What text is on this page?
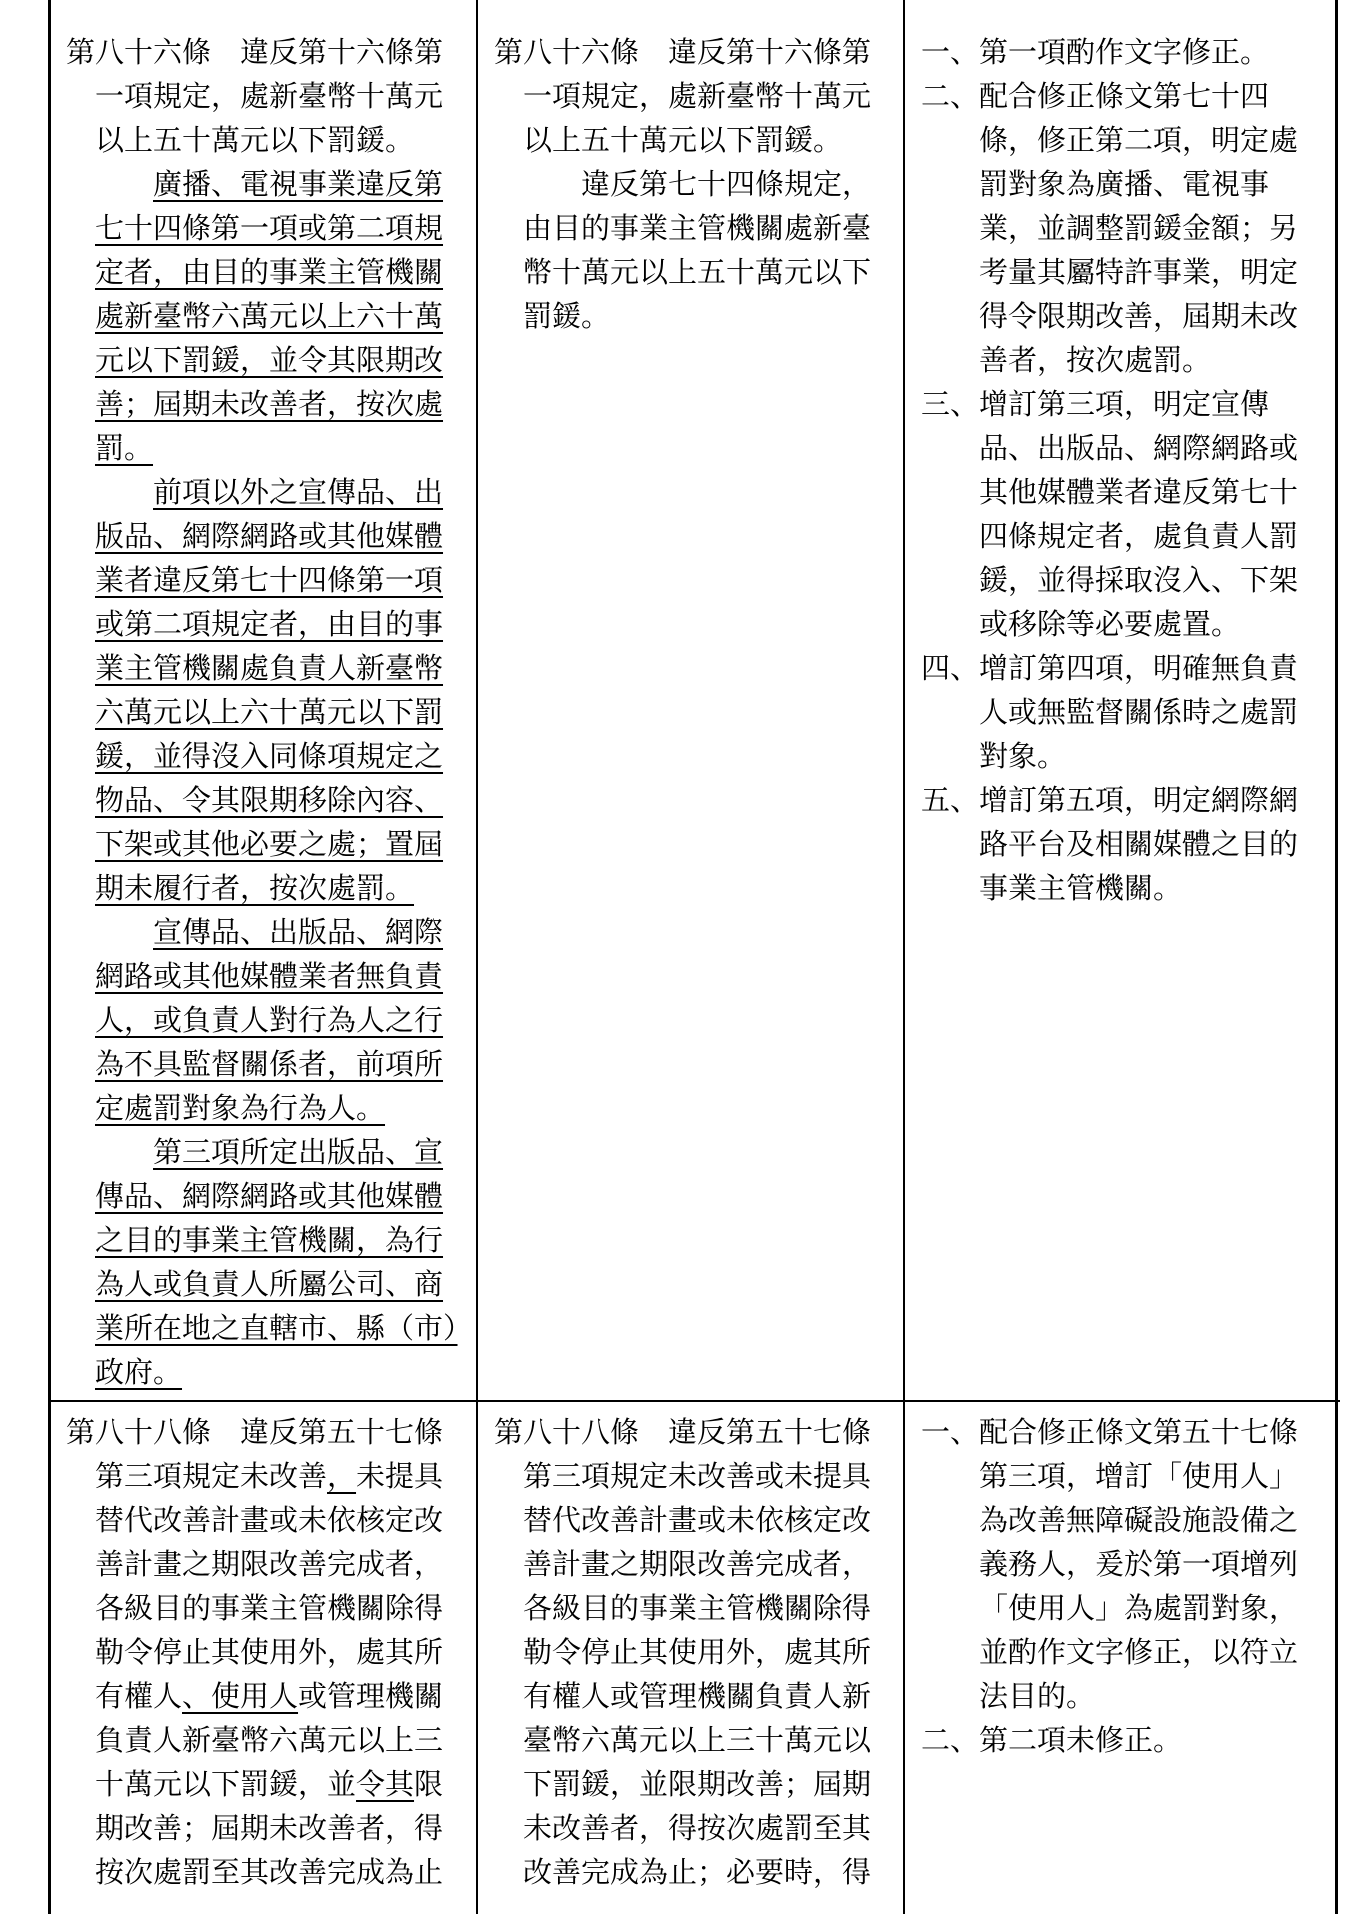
第八十六條　違反第十六條第一項規定，處新臺幣十萬元以上五十萬元以下罰鍰。

廣播、電視事業違反第七十四條第一項或第二項規定者，由目的事業主管機關處新臺幣六萬元以上六十萬元以下罰鍰，並令其限期改善；屆期未改善者，按次處罰。

前項以外之宣傳品、出版品、網際網路或其他媒體業者違反第七十四條第一項或第二項規定者，由目的事業主管機關處負責人新臺幣六萬元以上六十萬元以下罰鍰，並得沒入同條項規定之物品、令其限期移除內容、下架或其他必要之處；置屆期未履行者，按次處罰。

宣傳品、出版品、網際網路或其他媒體業者無負責人，或負責人對行為人之行為不具監督關係者，前項所定處罰對象為行為人。

第三項所定出版品、宣傳品、網際網路或其他媒體之目的事業主管機關，為行為人或負責人所屬公司、商業所在地之直轄市、縣（市）政府。

第八十六條　違反第十六條第一項規定，處新臺幣十萬元以上五十萬元以下罰鍰。

違反第七十四條規定，由目的事業主管機關處新臺幣十萬元以上五十萬元以下罰鍰。

一、第一項酌作文字修正。

二、配合修正條文第七十四條，修正第二項，明定處罰對象為廣播、電視事業，並調整罰鍰金額；另考量其屬特許事業，明定得令限期改善，屆期未改善者，按次處罰。

三、增訂第三項，明定宣傳品、出版品、網際網路或其他媒體業者違反第七十四條規定者，處負責人罰鍰，並得採取沒入、下架或移除等必要處置。

四、增訂第四項，明確無負責人或無監督關係時之處罰對象。

五、增訂第五項，明定網際網路平台及相關媒體之目的事業主管機關。

第八十八條　違反第五十七條第三項規定未改善，未提具替代改善計畫或未依核定改善計畫之期限改善完成者，各級目的事業主管機關除得勒令停止其使用外，處其所有權人、使用人或管理機關負責人新臺幣六萬元以上三十萬元以下罰鍰，並令其限期改善；屆期未改善者，得按次處罰至其改善完成為止

第八十八條　違反第五十七條第三項規定未改善或未提具替代改善計畫或未依核定改善計畫之期限改善完成者，各級目的事業主管機關除得勒令停止其使用外，處其所有權人或管理機關負責人新臺幣六萬元以上三十萬元以下罰鍰，並限期改善；屆期未改善者，得按次處罰至其改善完成為止；必要時，得

一、配合修正條文第五十七條第三項，增訂「使用人」為改善無障礙設施設備之義務人，爰於第一項增列「使用人」為處罰對象，並酌作文字修正，以符立法目的。

二、第二項未修正。
